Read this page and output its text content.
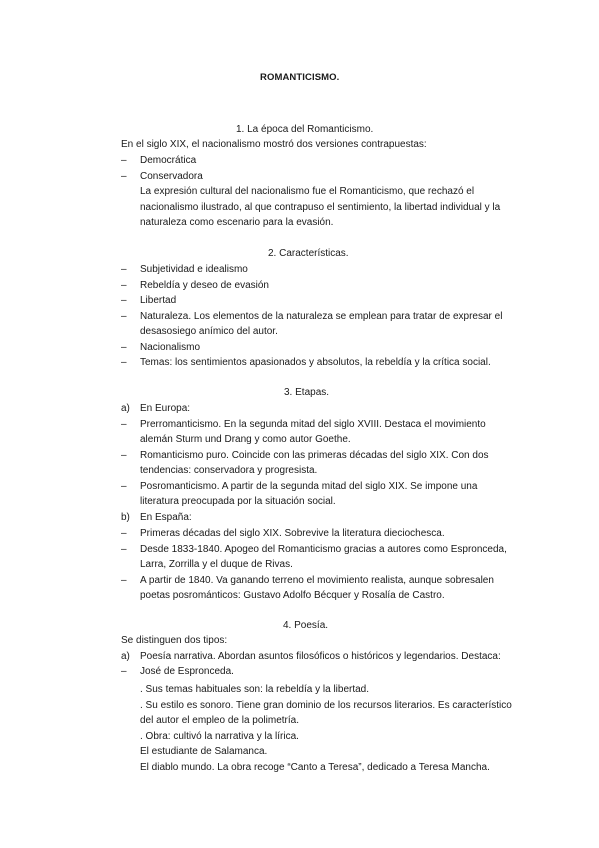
ROMANTICISMO.
1. La época del Romanticismo.
En el siglo XIX, el nacionalismo mostró dos versiones contrapuestas:
– Democrática
– Conservadora
La expresión cultural del nacionalismo fue el Romanticismo, que rechazó el
nacionalismo ilustrado, al que contrapuso el sentimiento, la libertad individual y la
naturaleza como escenario para la evasión.
2. Características.
– Subjetividad e idealismo
– Rebeldía y deseo de evasión
– Libertad
– Naturaleza. Los elementos de la naturaleza se emplean para tratar de expresar el
desasosiego anímico del autor.
– Nacionalismo
– Temas: los sentimientos apasionados y absolutos, la rebeldía y la crítica social.
3. Etapas.
a) En Europa:
– Prerromanticismo. En la segunda mitad del siglo XVIII. Destaca el movimiento
alemán Sturm und Drang y como autor Goethe.
– Romanticismo puro. Coincide con las primeras décadas del siglo XIX. Con dos
tendencias: conservadora y progresista.
– Posromanticismo. A partir de la segunda mitad del siglo XIX. Se impone una
literatura preocupada por la situación social.
b) En España:
– Primeras décadas del siglo XIX. Sobrevive la literatura dieciochesca.
– Desde 1833-1840. Apogeo del Romanticismo gracias a autores como Espronceda,
Larra, Zorrilla y el duque de Rivas.
– A partir de 1840. Va ganando terreno el movimiento realista, aunque sobresalen
poetas posrománticos: Gustavo Adolfo Bécquer y Rosalía de Castro.
4. Poesía.
Se distinguen dos tipos:
a) Poesía narrativa. Abordan asuntos filosóficos o históricos y legendarios. Destaca:
– José de Espronceda.
. Sus temas habituales son: la rebeldía y la libertad.
. Su estilo es sonoro. Tiene gran dominio de los recursos literarios. Es característico
del autor el empleo de la polimetría.
. Obra: cultivó la narrativa y la lírica.
El estudiante de Salamanca.
El diablo mundo. La obra recoge “Canto a Teresa”, dedicado a Teresa Mancha.
